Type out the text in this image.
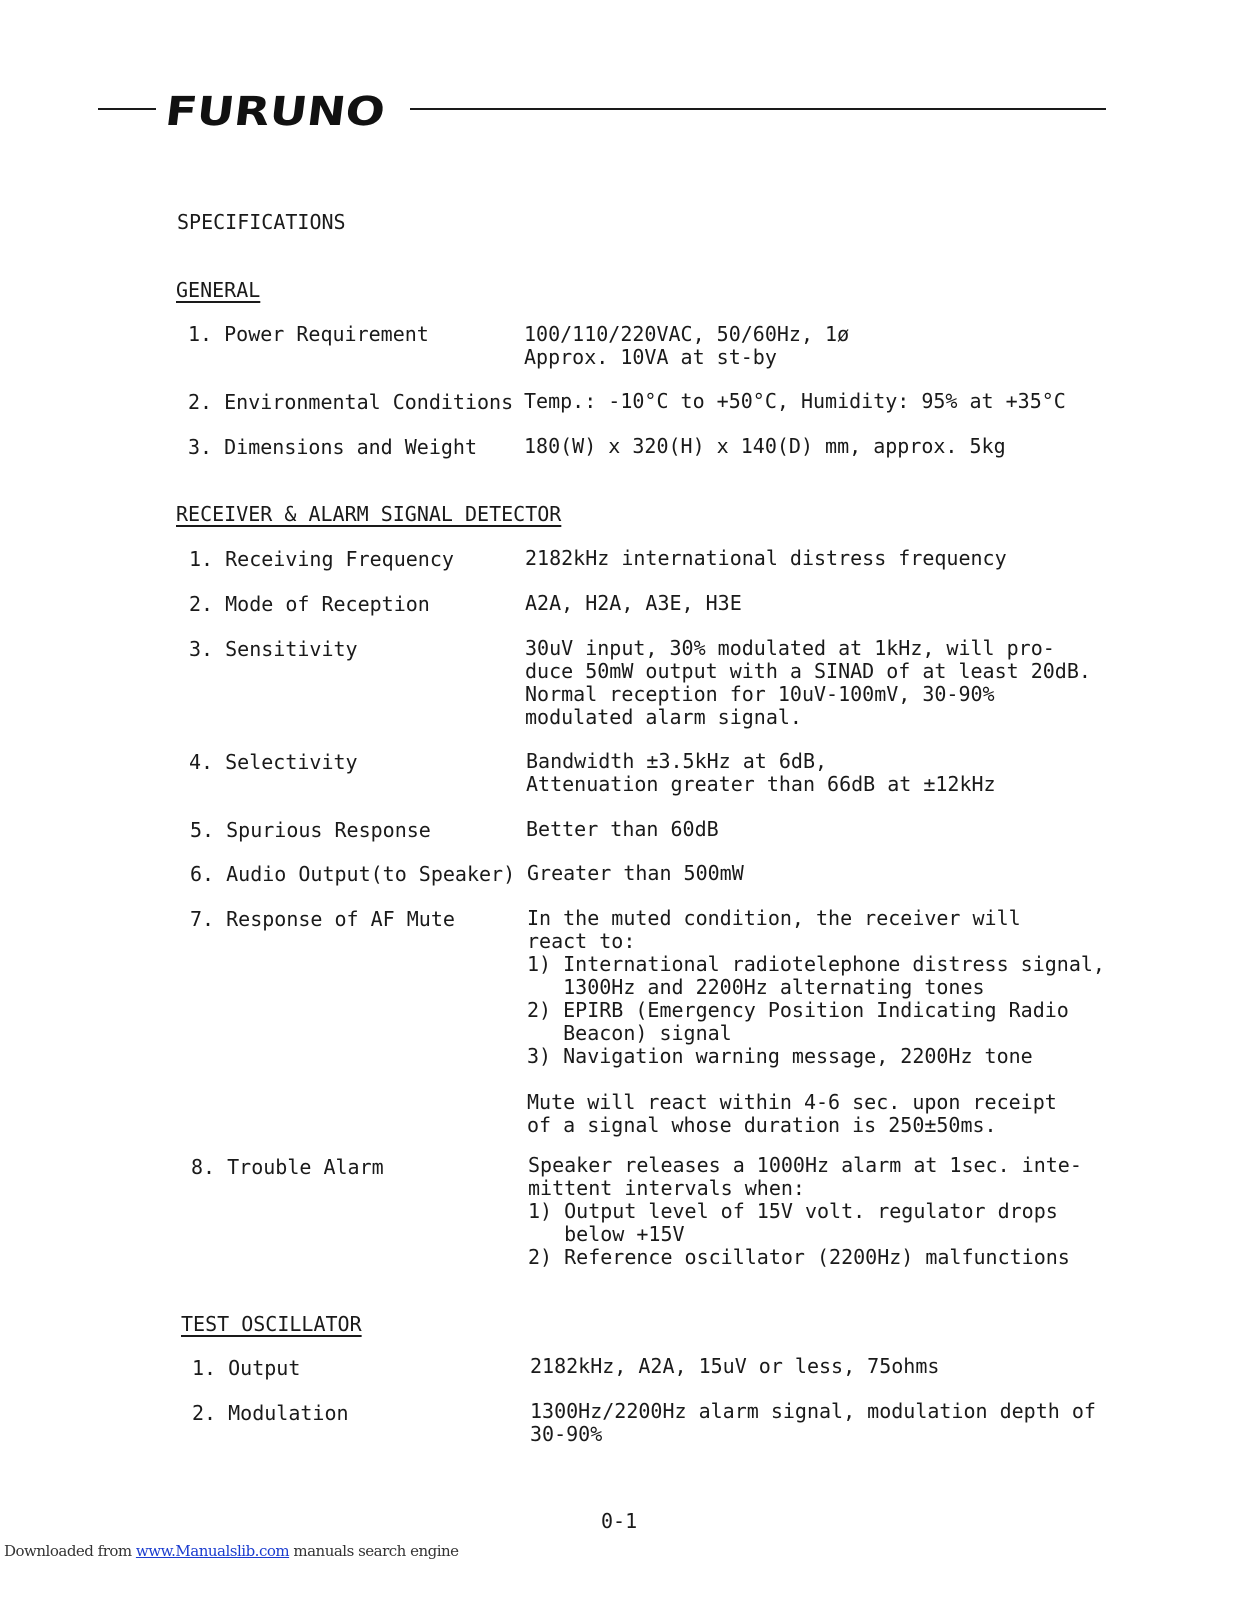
FURUNO
SPECIFICATIONS
GENERAL
1. Power Requirement	100/110/220VAC, 50/60Hz, 1ø
Approx. 10VA at st-by
2. Environmental Conditions Temp.: -10°C to +50°C, Humidity: 95% at +35°C
3. Dimensions and Weight 180(W) x 320(H) x 140(D) mm, approx. 5kg
RECEIVER & ALARM SIGNAL DETECTOR
1. Receiving Frequency	2182kHz international distress frequency
2. Mode of Reception	A2A, H2A, A3E, H3E
3. Sensitivity	30uV input, 30% modulated at 1kHz, will pro-
duce 50mW output with a SINAD of at least 20dB.
Normal reception for 10uV-100mV, 30-90%
modulated alarm signal.
4. Selectivity	Bandwidth ±3.5kHz at 6dB,
Attenuation greater than 66dB at ±12kHz
5. Spurious Response	Better than 60dB
6. Audio Output(to Speaker) Greater than 500mW
7. Response of AF Mute	In the muted condition, the receiver will
react to:
1) International radiotelephone distress signal,
1300Hz and 2200Hz alternating tones
2) EPIRB (Emergency Position Indicating Radio
Beacon) signal
3) Navigation warning message, 2200Hz tone

Mute will react within 4-6 sec. upon receipt
of a signal whose duration is 250±50ms.
8. Trouble Alarm	Speaker releases a 1000Hz alarm at 1sec. inte-
mittent intervals when:
1) Output level of 15V volt. regulator drops
below +15V
2) Reference oscillator (2200Hz) malfunctions
TEST OSCILLATOR
1. Output	2182kHz, A2A, 15uV or less, 75ohms
2. Modulation	1300Hz/2200Hz alarm signal, modulation depth of
30-90%
0-1
Downloaded from www.Manualslib.com manuals search engine
